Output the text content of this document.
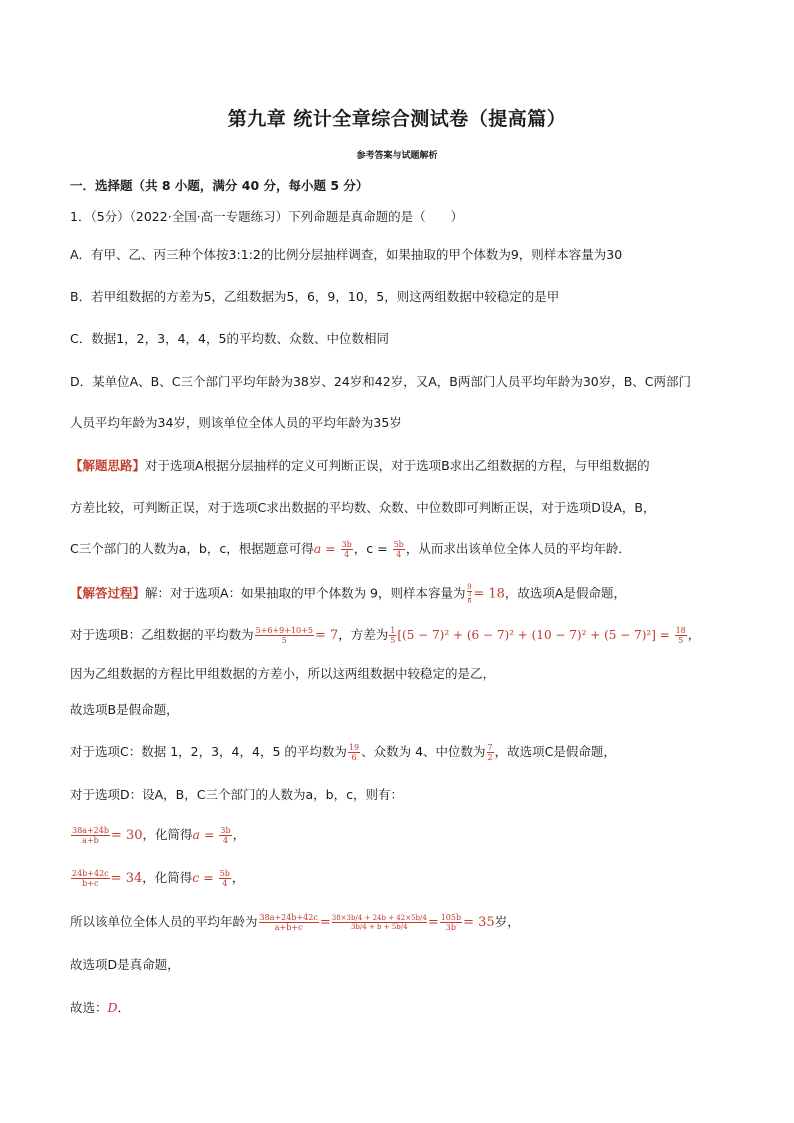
第九章 统计全章综合测试卷（提高篇）
参考答案与试题解析
一．选择题（共 8 小题，满分 40 分，每小题 5 分）
1．（5分）（2022·全国·高一专题练习）下列命题是真命题的是（　　）
A．有甲、乙、丙三种个体按3:1:2的比例分层抽样调查，如果抽取的甲个体数为9，则样本容量为30
B．若甲组数据的方差为5，乙组数据为5，6，9，10，5，则这两组数据中较稳定的是甲
C．数据1，2，3，4，4，5的平均数、众数、中位数相同
D．某单位A、B、C三个部门平均年龄为38岁、24岁和42岁，又A，B两部门人员平均年龄为30岁，B、C两部门
人员平均年龄为34岁，则该单位全体人员的平均年龄为35岁
【解题思路】对于选项A根据分层抽样的定义可判断正误，对于选项B求出乙组数据的方程，与甲组数据的
方差比较，可判断正误，对于选项C求出数据的平均数、众数、中位数即可判断正误，对于选项D设A，B，
C三个部门的人数为a，b，c，根据题意可得$a = \frac{3b}{4}$ ，$c = \frac{5b}{4}$ ，从而求出该单位全体人员的平均年龄．
【解答过程】解：对于选项A：如果抽取的甲个体数为 9，则样本容量为 $\frac{9}{\frac{3}{6}} = 18$，故选项A是假命题，
对于选项B：乙组数据的平均数为 $\frac{5+6+9+10+5}{5} = 7$，方差为 $\frac{1}{5} [(5 - 7)^2 + (6 - 7)^2 + (10 - 7)^2 + (5 - 7)^2] = \frac{18}{5}$ ，
因为乙组数据的方程比甲组数据的方差小，所以这两组数据中较稳定的是乙，
故选项B是假命题，
对于选项C：数据 1，2，3，4，4，5 的平均数为 $\frac{19}{6}$ 、众数为 4、中位数为 $\frac{7}{2}$ ，故选项C是假命题，
对于选项D：设A，B，C三个部门的人数为a，b，c，则有：
$\frac{38a+24b}{a+b} = 30$，化简得$a = \frac{3b}{4}$ ，
$\frac{24b+42c}{b+c} = 34$，化简得$c = \frac{5b}{4}$ ，
所以该单位全体人员的平均年龄为 $\frac{38a+24b+42c}{a+b+c} = \frac{38\times 3b/4 + 24b + 42\times 5b/4}{3b/4 + b + 5b/4} = \frac{105b}{3b} = 35$岁，
故选项D是真命题，
故选：D．
